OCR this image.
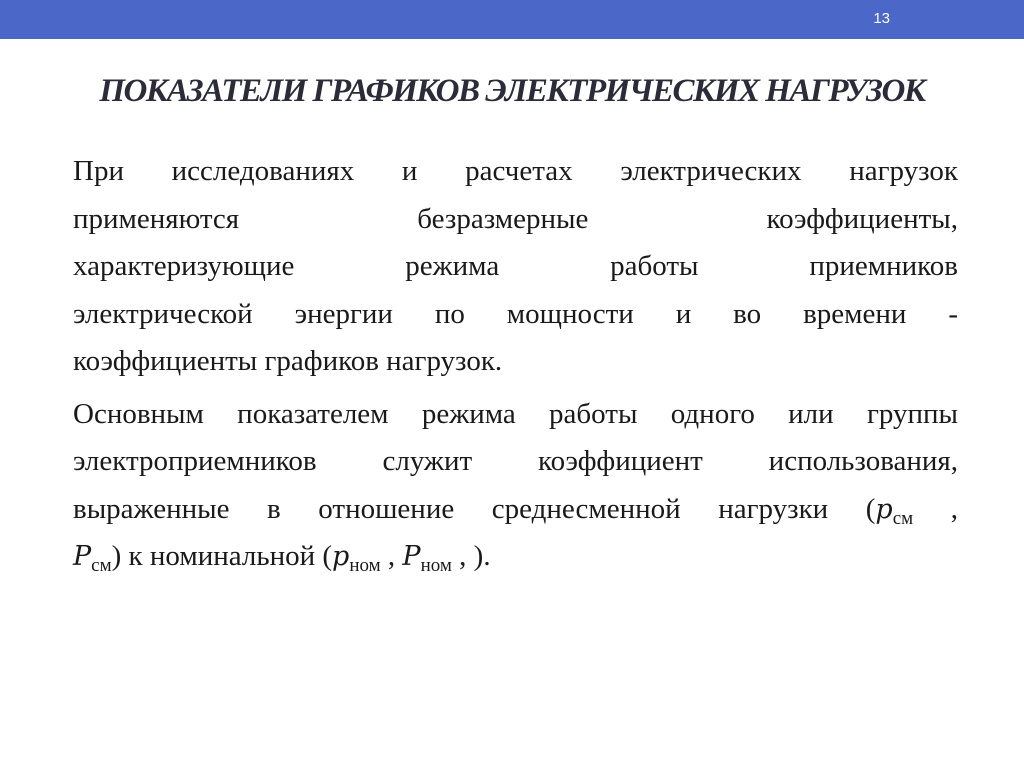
13
ПОКАЗАТЕЛИ ГРАФИКОВ ЭЛЕКТРИЧЕСКИХ НАГРУЗОК
При исследованиях и расчетах электрических нагрузок
применяются безразмерные коэффициенты,
характеризующие режима работы приемников
электрической энергии по мощности и во времени -
коэффициенты графиков нагрузок.
Основным показателем режима работы одного или группы
электроприемников служит коэффициент использования,
выраженные в отношение среднесменной нагрузки ($p_{см}$ ,
$P_{см}$) к номинальной ($p_{ном}$ , $P_{ном}$ , ).
